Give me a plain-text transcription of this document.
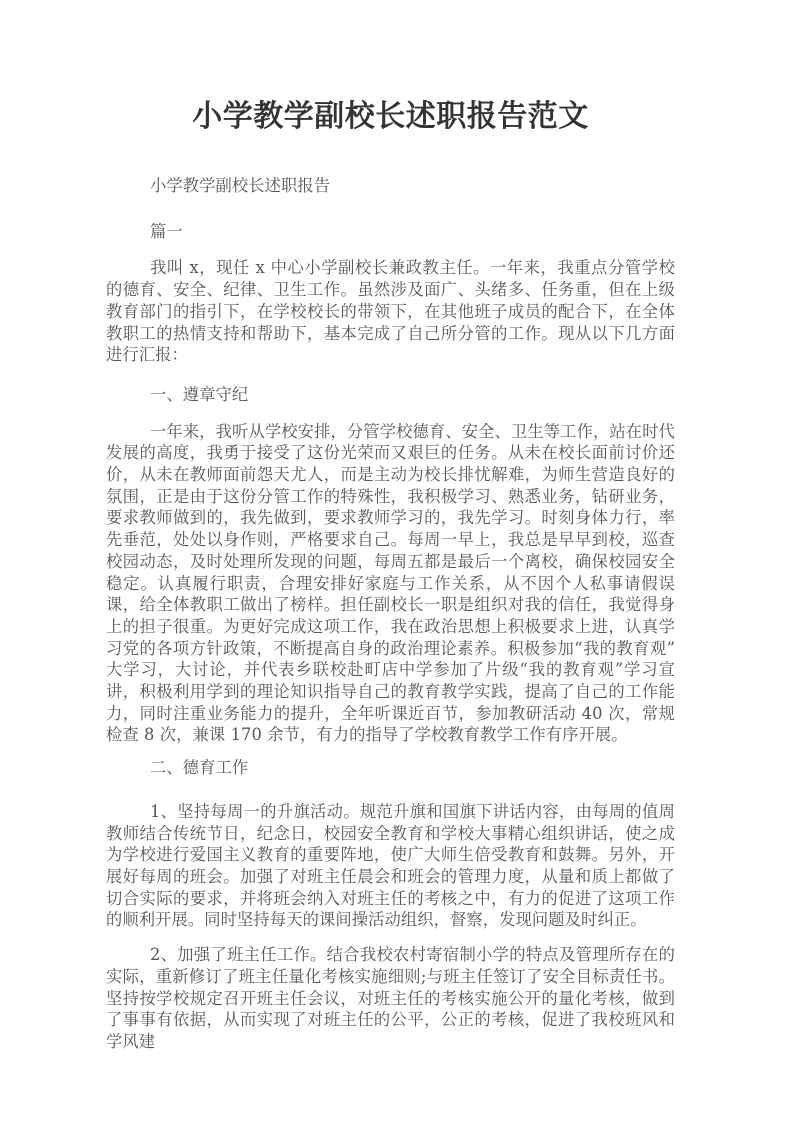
小学教学副校长述职报告范文
小学教学副校长述职报告
篇一
我叫 x，现任 x 中心小学副校长兼政教主任。一年来，我重点分管学校的德育、安全、纪律、卫生工作。虽然涉及面广、头绪多、任务重，但在上级教育部门的指引下，在学校校长的带领下，在其他班子成员的配合下，在全体教职工的热情支持和帮助下，基本完成了自己所分管的工作。现从以下几方面进行汇报：
一、遵章守纪
一年来，我听从学校安排，分管学校德育、安全、卫生等工作，站在时代发展的高度，我勇于接受了这份光荣而又艰巨的任务。从未在校长面前讨价还价，从未在教师面前怨天尤人，而是主动为校长排忧解难，为师生营造良好的氛围，正是由于这份分管工作的特殊性，我积极学习、熟悉业务，钻研业务，要求教师做到的，我先做到，要求教师学习的，我先学习。时刻身体力行，率先垂范，处处以身作则，严格要求自己。每周一早上，我总是早早到校，巡查校园动态，及时处理所发现的问题，每周五都是最后一个离校，确保校园安全稳定。认真履行职责，合理安排好家庭与工作关系，从不因个人私事请假误课，给全体教职工做出了榜样。担任副校长一职是组织对我的信任，我觉得身上的担子很重。为更好完成这项工作，我在政治思想上积极要求上进，认真学习党的各项方针政策，不断提高自身的政治理论素养。积极参加“我的教育观”大学习，大讨论，并代表乡联校赴町店中学参加了片级“我的教育观”学习宣讲，积极利用学到的理论知识指导自己的教育教学实践，提高了自己的工作能力，同时注重业务能力的提升，全年听课近百节，参加教研活动 40 次，常规检查 8 次，兼课 170 余节，有力的指导了学校教育教学工作有序开展。
二、德育工作
1、坚持每周一的升旗活动。规范升旗和国旗下讲话内容，由每周的值周教师结合传统节日，纪念日，校园安全教育和学校大事精心组织讲话，使之成为学校进行爱国主义教育的重要阵地，使广大师生倍受教育和鼓舞。另外，开展好每周的班会。加强了对班主任晨会和班会的管理力度，从量和质上都做了切合实际的要求，并将班会纳入对班主任的考核之中，有力的促进了这项工作的顺利开展。同时坚持每天的课间操活动组织，督察，发现问题及时纠正。
2、加强了班主任工作。结合我校农村寄宿制小学的特点及管理所存在的实际，重新修订了班主任量化考核实施细则;与班主任签订了安全目标责任书。坚持按学校规定召开班主任会议，对班主任的考核实施公开的量化考核，做到了事事有依据，从而实现了对班主任的公平，公正的考核，促进了我校班风和学风建
